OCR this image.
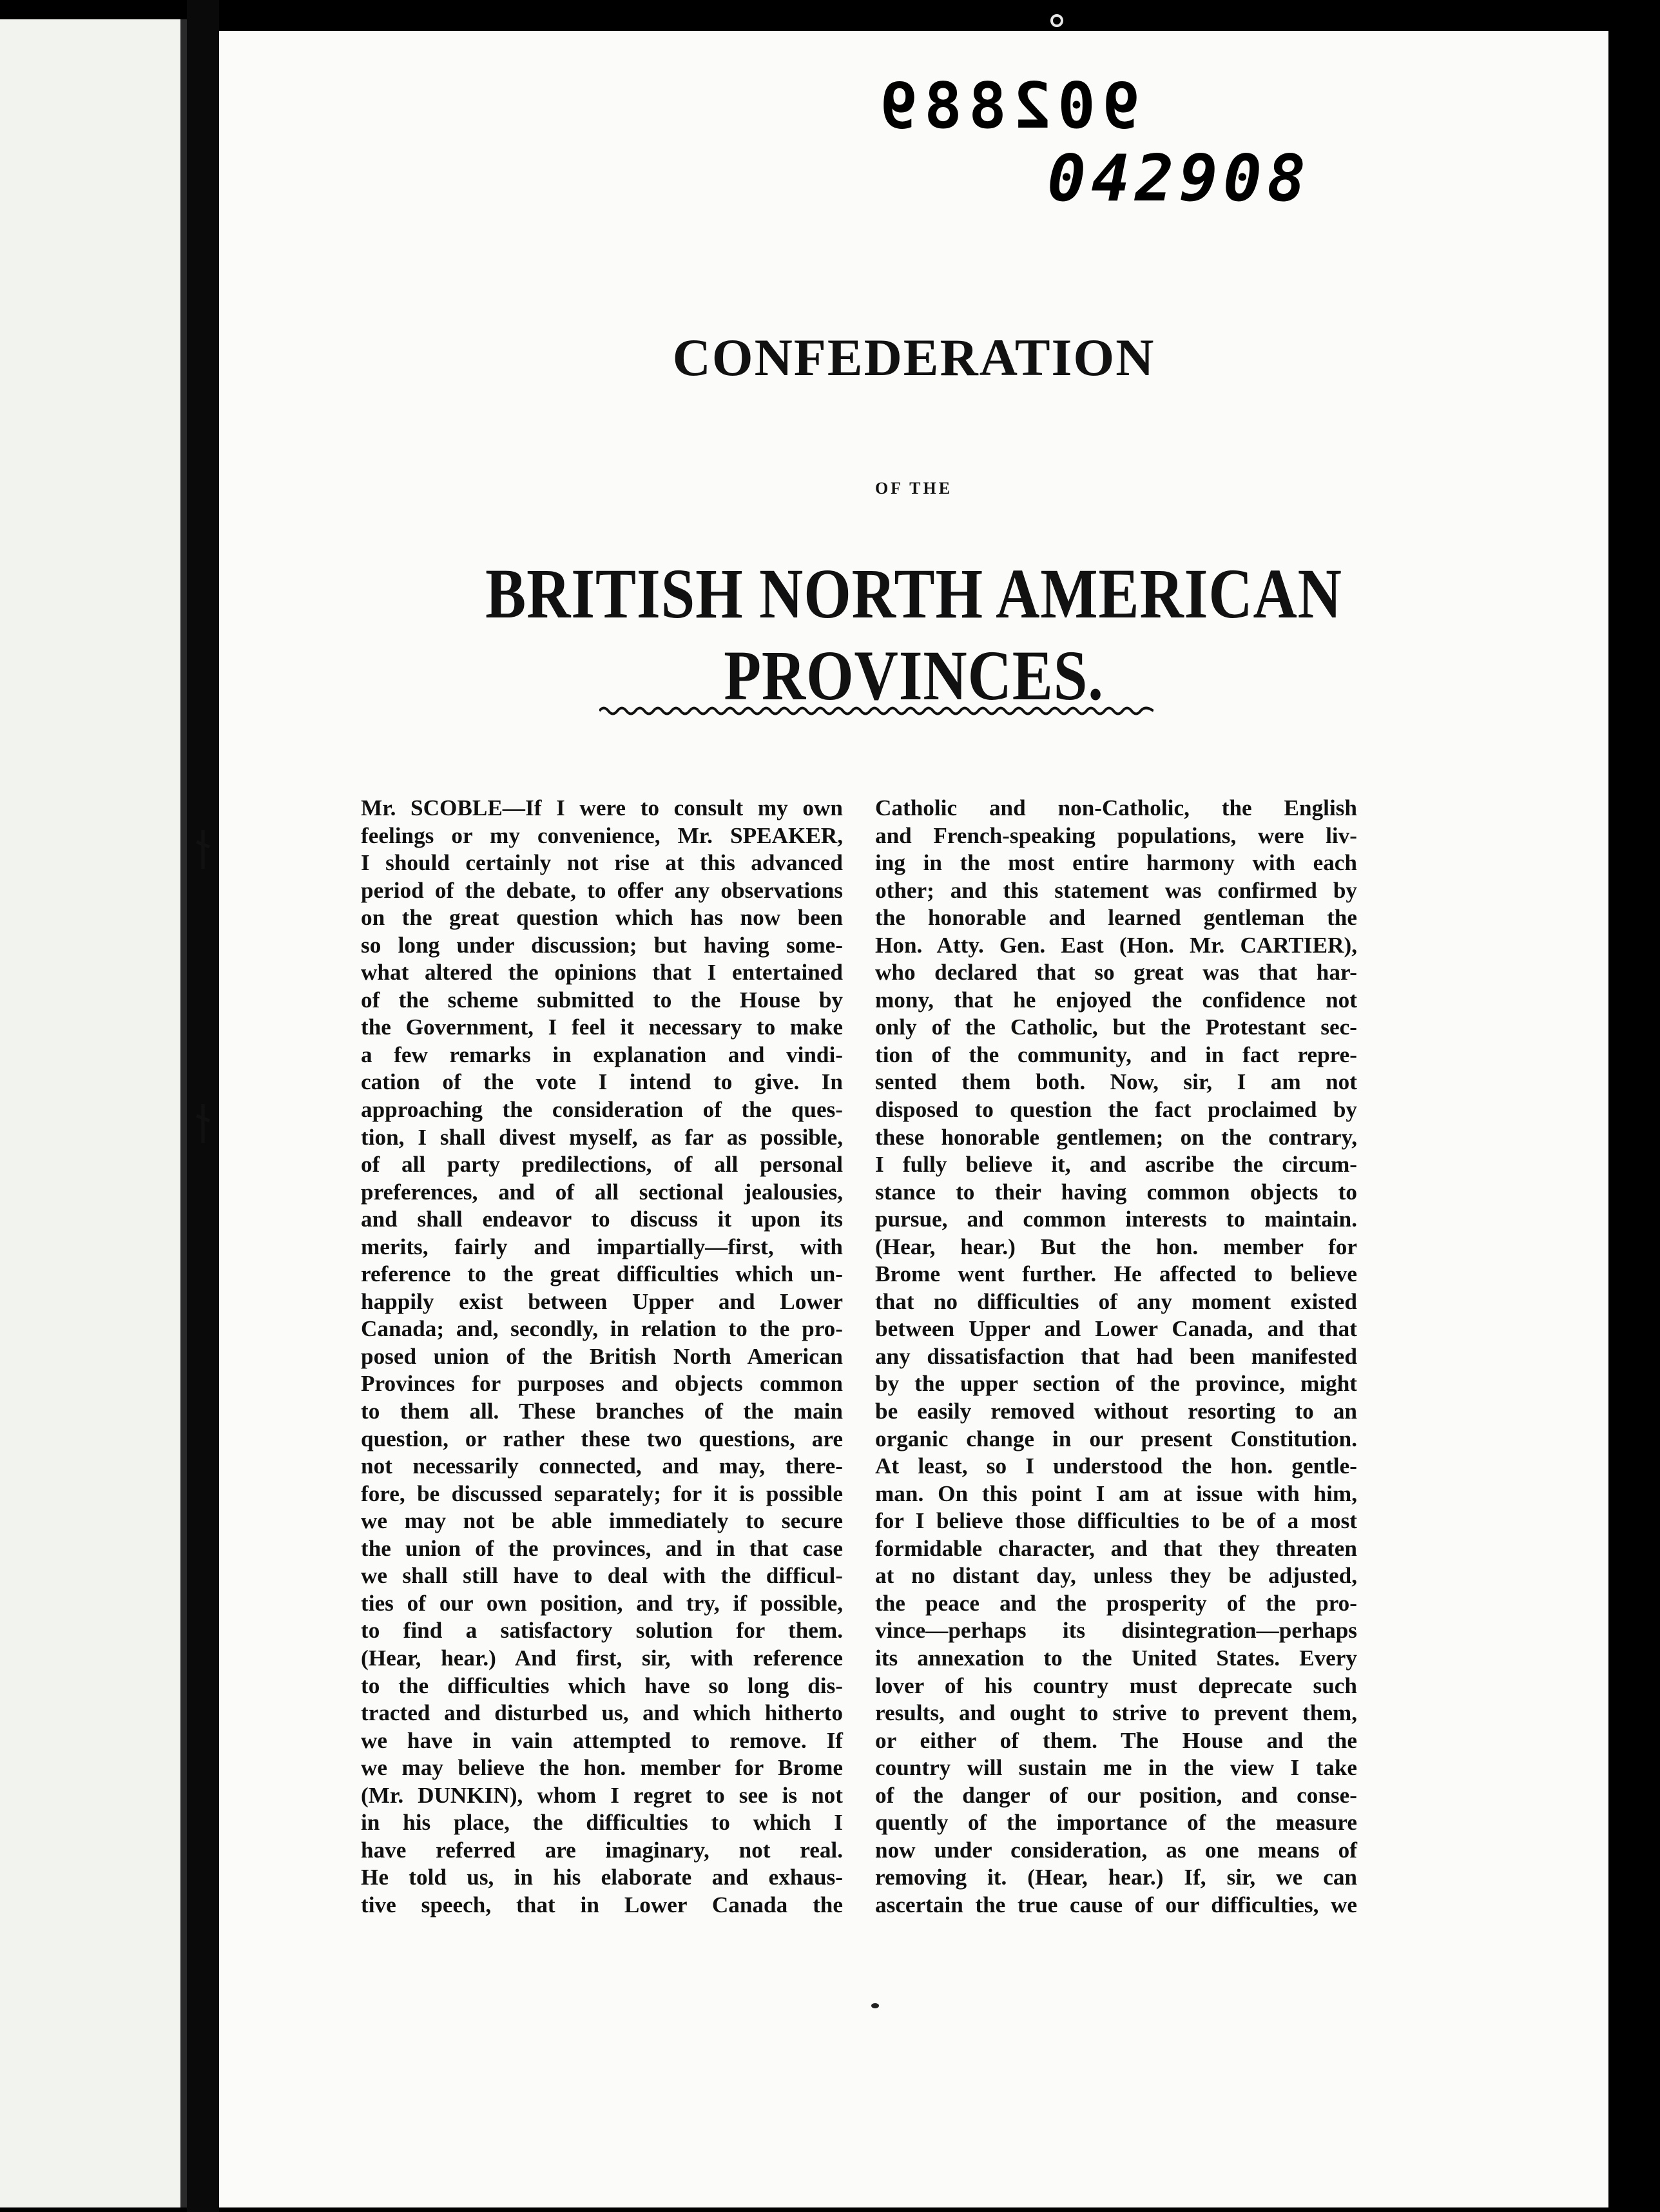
902889
042908
CONFEDERATION
OF THE
BRITISH NORTH AMERICAN PROVINCES.

Mr. SCOBLE—If I were to consult my own

feelings or my convenience, Mr. SPEAKER,

I should certainly not rise at this advanced

period of the debate, to offer any observations

on the great question which has now been

so long under discussion; but having some-

what altered the opinions that I entertained

of the scheme submitted to the House by

the Government, I feel it necessary to make

a few remarks in explanation and vindi-

cation of the vote I intend to give. In

approaching the consideration of the ques-

tion, I shall divest myself, as far as possible,

of all party predilections, of all personal

preferences, and of all sectional jealousies,

and shall endeavor to discuss it upon its

merits, fairly and impartially—first, with

reference to the great difficulties which un-

happily exist between Upper and Lower

Canada; and, secondly, in relation to the pro-

posed union of the British North American

Provinces for purposes and objects common

to them all. These branches of the main

question, or rather these two questions, are

not necessarily connected, and may, there-

fore, be discussed separately; for it is possible

we may not be able immediately to secure

the union of the provinces, and in that case

we shall still have to deal with the difficul-

ties of our own position, and try, if possible,

to find a satisfactory solution for them.

(Hear, hear.) And first, sir, with reference

to the difficulties which have so long dis-

tracted and disturbed us, and which hitherto

we have in vain attempted to remove. If

we may believe the hon. member for Brome

(Mr. DUNKIN), whom I regret to see is not

in his place, the difficulties to which I

have referred are imaginary, not real.

He told us, in his elaborate and exhaus-

tive speech, that in Lower Canada the

Catholic and non-Catholic, the English

and French-speaking populations, were liv-

ing in the most entire harmony with each

other; and this statement was confirmed by

the honorable and learned gentleman the

Hon. Atty. Gen. East (Hon. Mr. CARTIER),

who declared that so great was that har-

mony, that he enjoyed the confidence not

only of the Catholic, but the Protestant sec-

tion of the community, and in fact repre-

sented them both. Now, sir, I am not

disposed to question the fact proclaimed by

these honorable gentlemen; on the contrary,

I fully believe it, and ascribe the circum-

stance to their having common objects to

pursue, and common interests to maintain.

(Hear, hear.) But the hon. member for

Brome went further. He affected to believe

that no difficulties of any moment existed

between Upper and Lower Canada, and that

any dissatisfaction that had been manifested

by the upper section of the province, might

be easily removed without resorting to an

organic change in our present Constitution.

At least, so I understood the hon. gentle-

man. On this point I am at issue with him,

for I believe those difficulties to be of a most

formidable character, and that they threaten

at no distant day, unless they be adjusted,

the peace and the prosperity of the pro-

vince—perhaps its disintegration—perhaps

its annexation to the United States. Every

lover of his country must deprecate such

results, and ought to strive to prevent them,

or either of them. The House and the

country will sustain me in the view I take

of the danger of our position, and conse-

quently of the importance of the measure

now under consideration, as one means of

removing it. (Hear, hear.) If, sir, we can

ascertain the true cause of our difficulties, we
